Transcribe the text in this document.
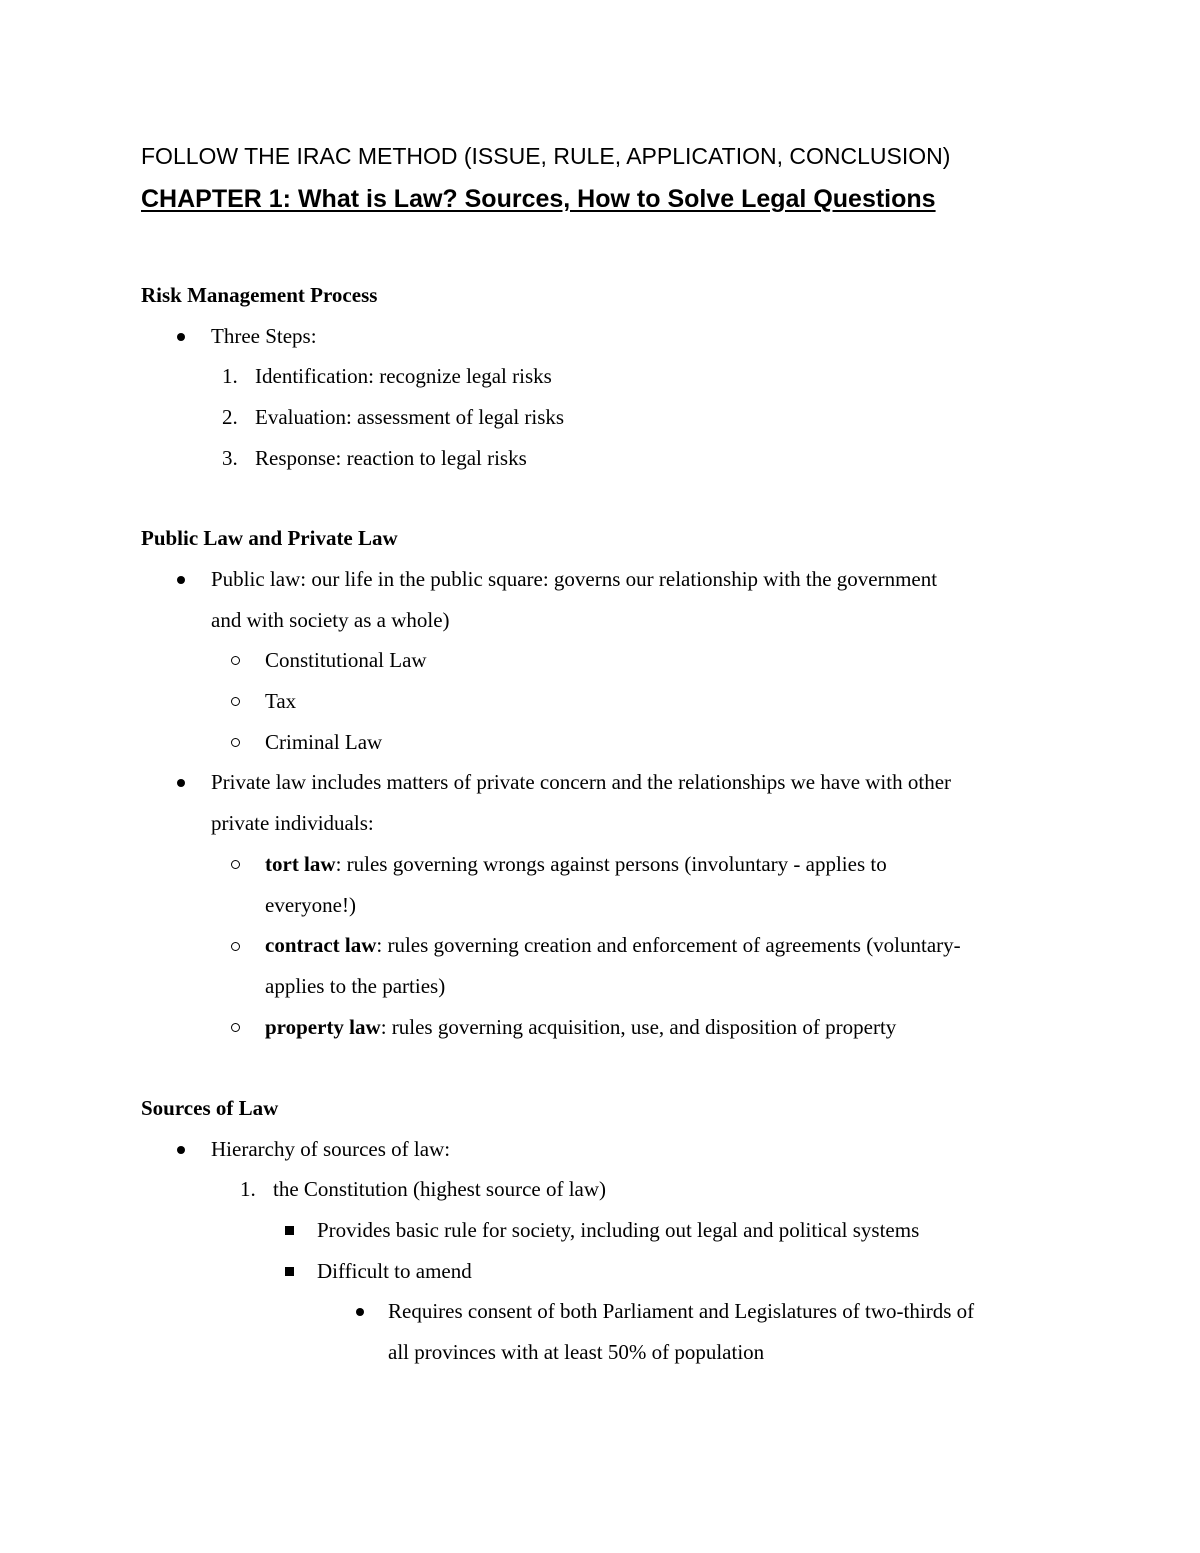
FOLLOW THE IRAC METHOD (ISSUE, RULE, APPLICATION, CONCLUSION)
CHAPTER 1: What is Law? Sources, How to Solve Legal Questions
Risk Management Process
Three Steps:
1. Identification: recognize legal risks
2. Evaluation: assessment of legal risks
3. Response: reaction to legal risks
Public Law and Private Law
Public law: our life in the public square: governs our relationship with the government
and with society as a whole)
Constitutional Law
Tax
Criminal Law
Private law includes matters of private concern and the relationships we have with other
private individuals:
tort law: rules governing wrongs against persons (involuntary - applies to
everyone!)
contract law: rules governing creation and enforcement of agreements (voluntary-
applies to the parties)
property law: rules governing acquisition, use, and disposition of property
Sources of Law
Hierarchy of sources of law:
1. the Constitution (highest source of law)
Provides basic rule for society, including out legal and political systems
Difficult to amend
Requires consent of both Parliament and Legislatures of two-thirds of
all provinces with at least 50% of population
